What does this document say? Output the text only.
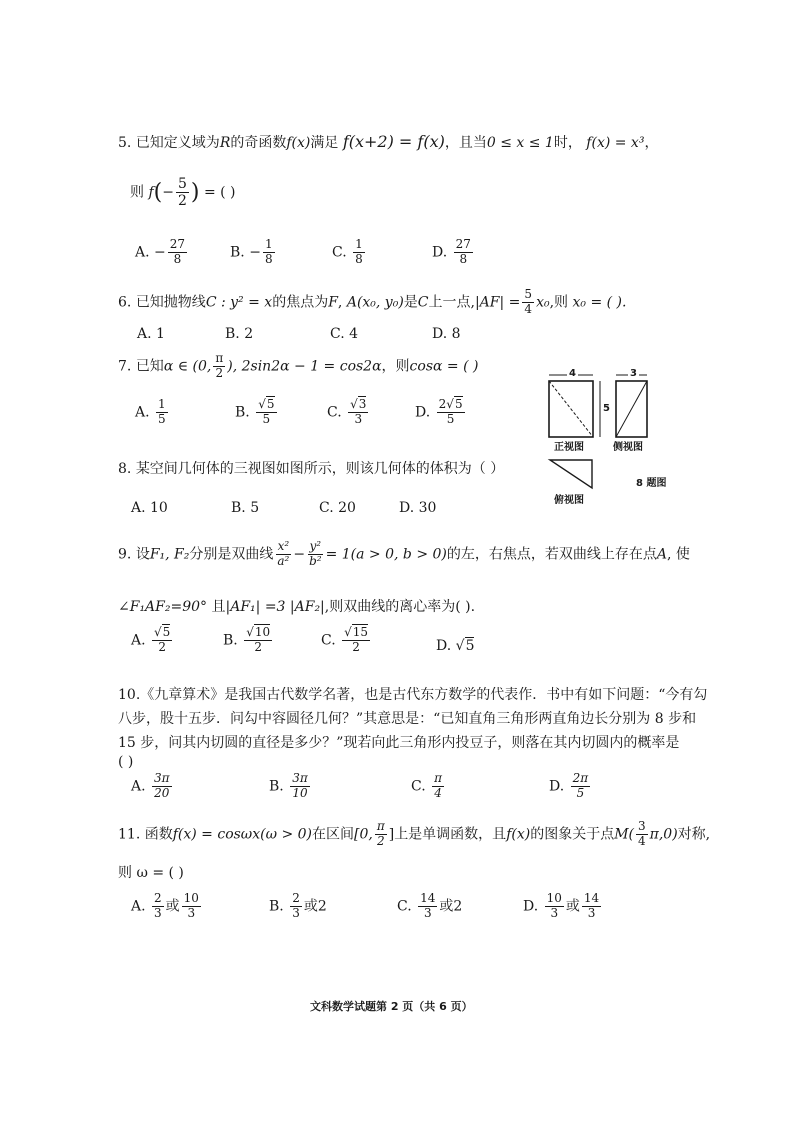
5. 已知定义域为R的奇函数f(x)满足 f(x+2) = f(x)，且当0 ≤ x ≤ 1时， f(x) = x³，
则 $f(- \frac{5}{2}$ ) = ( )
A. − $\frac{27}{8}$	B. − $\frac{1}{8}$	C. $\frac{1}{8}$	D. $\frac{27}{8}$
6. 已知抛物线C : y² = x的焦点为F, A(x₀, y₀)是C上一点$,|AF| = \frac{5}{4} x_0$,则 x₀ = ( ).
A. 1	B. 2	C. 4	D. 8
7. 已知α ∈ (0, $\frac{\pi}{2}$ ), 2sin2α − 1 = cos2α，则cosα = ( )
A. $\frac{1}{5}$	B. $\frac{√5}{5}$	C. $\frac{√3}{3}$	D. $\frac{2√5}{5}$
4
5
3
正视图	侧视图
俯视图
8 题图
8. 某空间几何体的三视图如图所示，则该几何体的体积为（ ）
A. 10	B. 5	C. 20	D. 30
9. 设F₁, F₂分别是双曲线 $\frac{\text{x²}}{\text{a²}} - \frac{\text{y²}}{\text{b²}} = 1(a > 0$, b > 0)的左，右焦点，若双曲线上存在点A, 使
∠F₁AF₂=90° 且|AF₁| =3 |AF₂|,则双曲线的离心率为( ).
A. $\frac{√5}{2}$	B. $\frac{√10}{2}$	C. $\frac{√15}{2}$	D. √5
10.《九章算术》是我国古代数学名著，也是古代东方数学的代表作．书中有如下问题：“今有勾
八步，股十五步．问勾中容圆径几何？”其意思是：“已知直角三角形两直角边长分别为 8 步和
15 步，问其内切圆的直径是多少？”现若向此三角形内投豆子，则落在其内切圆内的概率是
( )
A. $\frac{3\pi}{20}$	B. $\frac{3\pi}{10}$	C. $\frac{\pi}{4}$	D. $\frac{2\pi}{5}$
11. 函数f(x) = cosωx(ω > 0)在区间[0, $\frac{\pi}{2}$ ]上是单调函数，且f(x)的图象关于点$M( \frac{3}{4} \pi,0)$对称,
则 ω = ( )
A. $\frac{2}{3}$ 或 $\frac{10}{3}$	B. $\frac{2}{3}$ 或2	C. $\frac{14}{3}$ 或2	D. $\frac{10}{3}$ 或 $\frac{14}{3}$
文科数学试题第 2 页（共 6 页）
